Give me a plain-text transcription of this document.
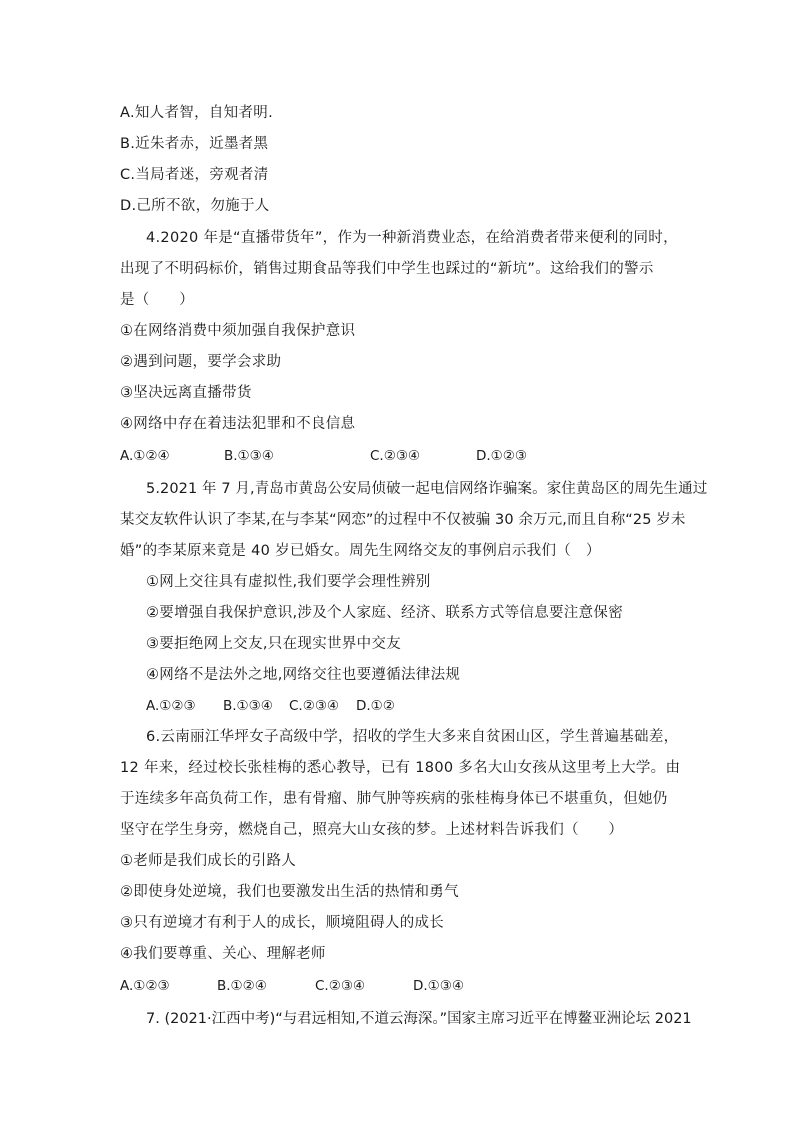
A.知人者智，自知者明.
B.近朱者赤，近墨者黑
C.当局者迷，旁观者清
D.己所不欲，勿施于人
4.2020 年是“直播带货年”，作为一种新消费业态，在给消费者带来便利的同时，
出现了不明码标价，销售过期食品等我们中学生也踩过的“新坑”。这给我们的警示
是（　　）
①在网络消费中须加强自我保护意识
②遇到问题，要学会求助
③坚决远离直播带货
④网络中存在着违法犯罪和不良信息
A.①②④	B.①③④	C.②③④	D.①②③
5.2021 年 7 月,青岛市黄岛公安局侦破一起电信网络诈骗案。家住黄岛区的周先生通过
某交友软件认识了李某,在与李某“网恋”的过程中不仅被骗 30 余万元,而且自称“25 岁未
婚”的李某原来竟是 40 岁已婚女。周先生网络交友的事例启示我们（　）
①网上交往具有虚拟性,我们要学会理性辨别
②要增强自我保护意识,涉及个人家庭、经济、联系方式等信息要注意保密
③要拒绝网上交友,只在现实世界中交友
④网络不是法外之地,网络交往也要遵循法律法规
A.①②③ B.①③④ C.②③④ D.①②
6.云南丽江华坪女子高级中学，招收的学生大多来自贫困山区，学生普遍基础差，
12 年来，经过校长张桂梅的悉心教导，已有 1800 多名大山女孩从这里考上大学。由
于连续多年高负荷工作，患有骨瘤、肺气肿等疾病的张桂梅身体已不堪重负，但她仍
坚守在学生身旁，燃烧自己，照亮大山女孩的梦。上述材料告诉我们（　　）
①老师是我们成长的引路人
②即使身处逆境，我们也要激发出生活的热情和勇气
③只有逆境才有利于人的成长，顺境阻碍人的成长
④我们要尊重、关心、理解老师
A.①②③	B.①②④	C.②③④	D.①③④
7. (2021·江西中考)“与君远相知,不道云海深。”国家主席习近平在博鳌亚洲论坛 2021
